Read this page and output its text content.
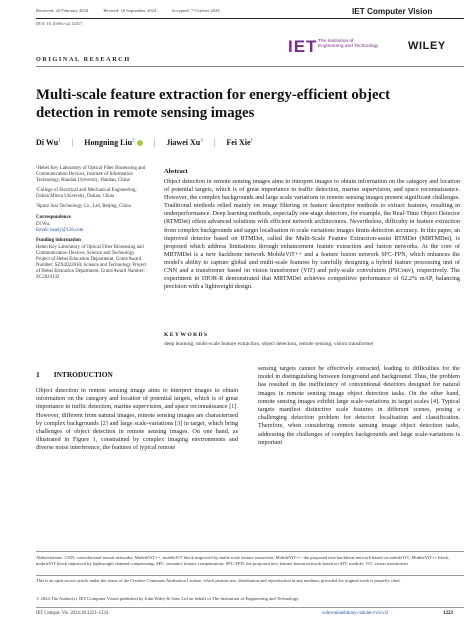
Received: 20 February 2024	Revised: 16 September 2024	Accepted: 7 October 2024	IET Computer Vision
DOI: 10.1049/cvi2.12317
IET The Institution of
Engineering and Technology	WILEY
ORIGINAL RESEARCH
Multi-scale feature extraction for energy-efficient object detection in remote sensing images
Di Wu$^1$ | Hongning Liu$^2$ | Jiawei Xu$^3$ | Fei Xie$^1$

¹Hebei Key Laboratory of Optical Fiber Biosensing and Communication Devices, Institute of Information Technology, Handan University, Handan, China

²College of Electrical and Mechanical Engineering, Dalian Minzu University, Dalian, China

³Space Star Technology Co., Ltd, Beijing, China

Correspondence
Di Wu.
Email: hsudy@126.com
Funding information
Hebei Key Laboratory of Optical Fiber Biosensing and Communication Devices, Science and Technology Project of Hebei Education Department, Grant/Award Number: SZX2022010; Science and Technology Project of Hebei Education Department, Grant/Award Number: ZC2024132
Abstract
Object detection in remote sensing images aims to interpret images to obtain information on the category and location of potential targets, which is of great importance in traffic detection, marine supervision, and space reconnaissance. However, the complex backgrounds and large scale variations in remote sensing images present significant challenges. Traditional methods relied mainly on image filtering or feature descriptor methods to extract features, resulting in underperformance. Deep learning methods, especially one-stage detectors, for example, the Real-Time Object Detector (RTMDet) offers advanced solutions with efficient network architectures. Nevertheless, difficulty in feature extraction from complex backgrounds and target localisation in scale variations images limits detection accuracy. In this paper, an improved detector based on RTMDet, called the Multi-Scale Feature Extraction-assist RTMDet (MRTMDet), is proposed which address limitations through enhancement feature extraction and fusion networks. At the core of MRTMDet is a new backbone network MobileViT++ and a feature fusion network SFC-FPN, which enhances the model's ability to capture global and multi-scale features by carefully designing a hybrid feature processing unit of CNN and a transformer based on vision transformer (ViT) and poly-scale convolution (PSConv), respectively. The experiment in DIOR-R demonstrated that MRTMDet achieves competitive performance of 62.2% mAP, balancing precision with a lightweight design.
KEYWORDS
deep learning, multi-scale feature extraction, object detection, remote sensing, vision transformer
1 INTRODUCTION
Object detection in remote sensing image aims to interpret images to obtain information on the category and location of potential targets, which is of great importance in traffic detection, marine supervision, and space reconnaissance [1]. However, different from natural images, remote sensing images are characterised by complex backgrounds [2] and large scale-variations [3] in target, which bring challenges of object detection in remote sensing images. On one hand, as illustrated in Figure 1, constrained by complex imaging environments and diverse noise interference, the features of typical remote
sensing targets cannot be effectively extracted, leading to difficulties for the model in distinguishing between foreground and background. Thus, the problem has resulted in the inefficiency of conventional detectors designed for natural images in remote sensing image object detection tasks. On the other hand, remote sensing images exhibit large scale-variations in target scales [4]. Typical targets manifest distinctive scale features in different scenes, posing a challenging detection problem for detector localisation and classification. Therefore, when considering remote sensing image object detection tasks, addressing the challenges of complex backgrounds and large scale-variations is important
Abbreviations: CNN, convolutional neural networks; MobileViT++, mobileViT block improved by multi-scale feature extraction; MobileViT++, the proposed new backbone network based on mobileViT; MobileViT++ block, mobileViT block improved by lightweight channel compressing; SFC, semantic feature compensation; SFC-FPN, the proposed new feature fusion network based on SFC module; ViT, vision transformer
This is an open access article under the terms of the Creative Commons Attribution License, which permits use, distribution and reproduction in any medium, provided the original work is properly cited.
© 2024 The Author(s). IET Computer Vision published by John Wiley & Sons Ltd on behalf of The Institution of Engineering and Technology.
IET Comput. Vis. 2024;18:1223–1234.	wileyonlinelibrary.com/iet-cvi/cvi2	1223
